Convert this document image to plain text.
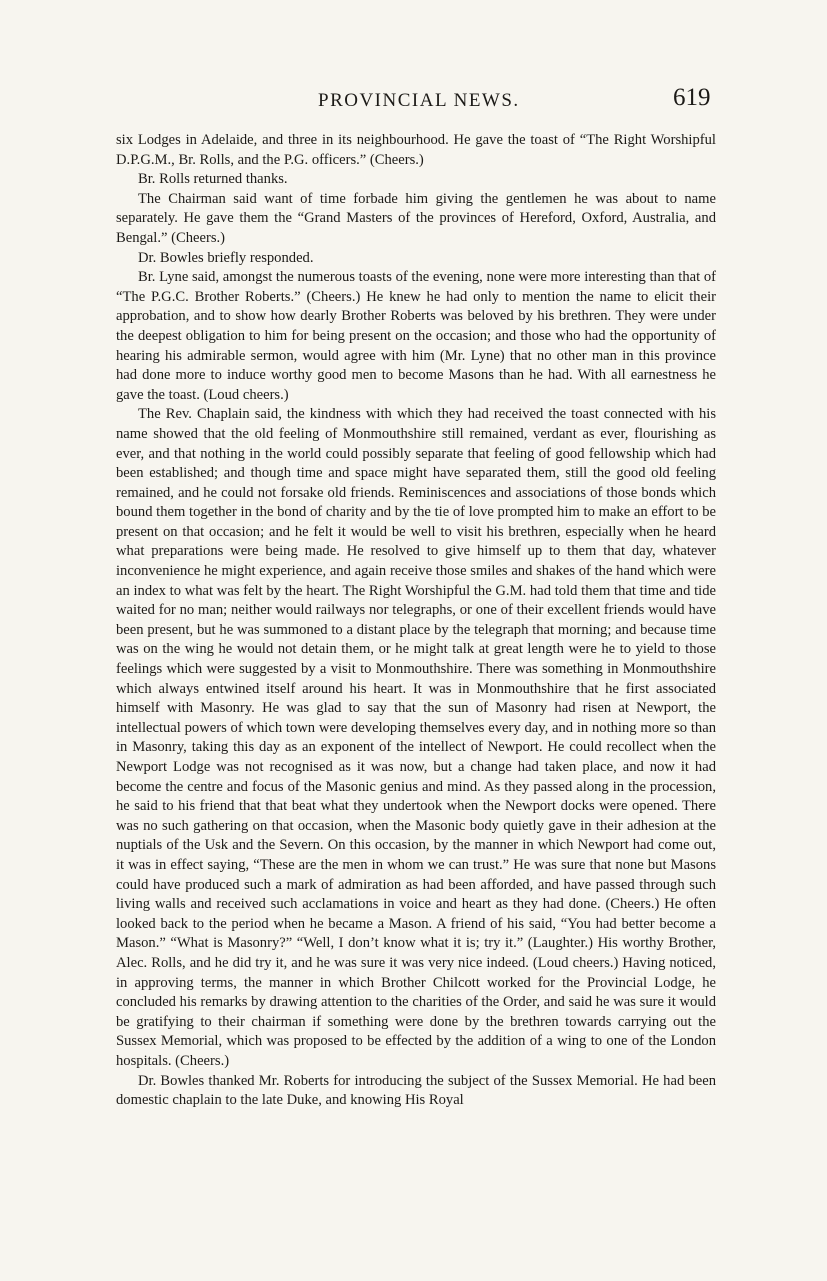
PROVINCIAL NEWS.	619

six Lodges in Adelaide, and three in its neighbourhood. He gave the toast of “The Right Worshipful D.P.G.M., Br. Rolls, and the P.G. officers.” (Cheers.)

Br. Rolls returned thanks.

The Chairman said want of time forbade him giving the gentlemen he was about to name separately. He gave them the “Grand Masters of the provinces of Hereford, Oxford, Australia, and Bengal.” (Cheers.)

Dr. Bowles briefly responded.

Br. Lyne said, amongst the numerous toasts of the evening, none were more interesting than that of “The P.G.C. Brother Roberts.” (Cheers.) He knew he had only to mention the name to elicit their approbation, and to show how dearly Brother Roberts was beloved by his brethren. They were under the deepest obligation to him for being present on the occasion; and those who had the opportunity of hearing his admirable sermon, would agree with him (Mr. Lyne) that no other man in this province had done more to induce worthy good men to become Masons than he had. With all earnestness he gave the toast. (Loud cheers.)

The Rev. Chaplain said, the kindness with which they had received the toast connected with his name showed that the old feeling of Monmouthshire still remained, verdant as ever, flourishing as ever, and that nothing in the world could possibly separate that feeling of good fellowship which had been established; and though time and space might have separated them, still the good old feeling remained, and he could not forsake old friends. Reminiscences and associations of those bonds which bound them together in the bond of charity and by the tie of love prompted him to make an effort to be present on that occasion; and he felt it would be well to visit his brethren, especially when he heard what preparations were being made. He resolved to give himself up to them that day, whatever inconvenience he might experience, and again receive those smiles and shakes of the hand which were an index to what was felt by the heart. The Right Worshipful the G.M. had told them that time and tide waited for no man; neither would railways nor telegraphs, or one of their excellent friends would have been present, but he was summoned to a distant place by the telegraph that morning; and because time was on the wing he would not detain them, or he might talk at great length were he to yield to those feelings which were suggested by a visit to Monmouthshire. There was something in Monmouthshire which always entwined itself around his heart. It was in Monmouthshire that he first associated himself with Masonry. He was glad to say that the sun of Masonry had risen at Newport, the intellectual powers of which town were developing themselves every day, and in nothing more so than in Masonry, taking this day as an exponent of the intellect of Newport. He could recollect when the Newport Lodge was not recognised as it was now, but a change had taken place, and now it had become the centre and focus of the Masonic genius and mind. As they passed along in the procession, he said to his friend that that beat what they undertook when the Newport docks were opened. There was no such gathering on that occasion, when the Masonic body quietly gave in their adhesion at the nuptials of the Usk and the Severn. On this occasion, by the manner in which Newport had come out, it was in effect saying, “These are the men in whom we can trust.” He was sure that none but Masons could have produced such a mark of admiration as had been afforded, and have passed through such living walls and received such acclamations in voice and heart as they had done. (Cheers.) He often looked back to the period when he became a Mason. A friend of his said, “You had better become a Mason.” “What is Masonry?” “Well, I don’t know what it is; try it.” (Laughter.) His worthy Brother, Alec. Rolls, and he did try it, and he was sure it was very nice indeed. (Loud cheers.) Having noticed, in approving terms, the manner in which Brother Chilcott worked for the Provincial Lodge, he concluded his remarks by drawing attention to the charities of the Order, and said he was sure it would be gratifying to their chairman if something were done by the brethren towards carrying out the Sussex Memorial, which was proposed to be effected by the addition of a wing to one of the London hospitals. (Cheers.)

Dr. Bowles thanked Mr. Roberts for introducing the subject of the Sussex Memorial. He had been domestic chaplain to the late Duke, and knowing His Royal
